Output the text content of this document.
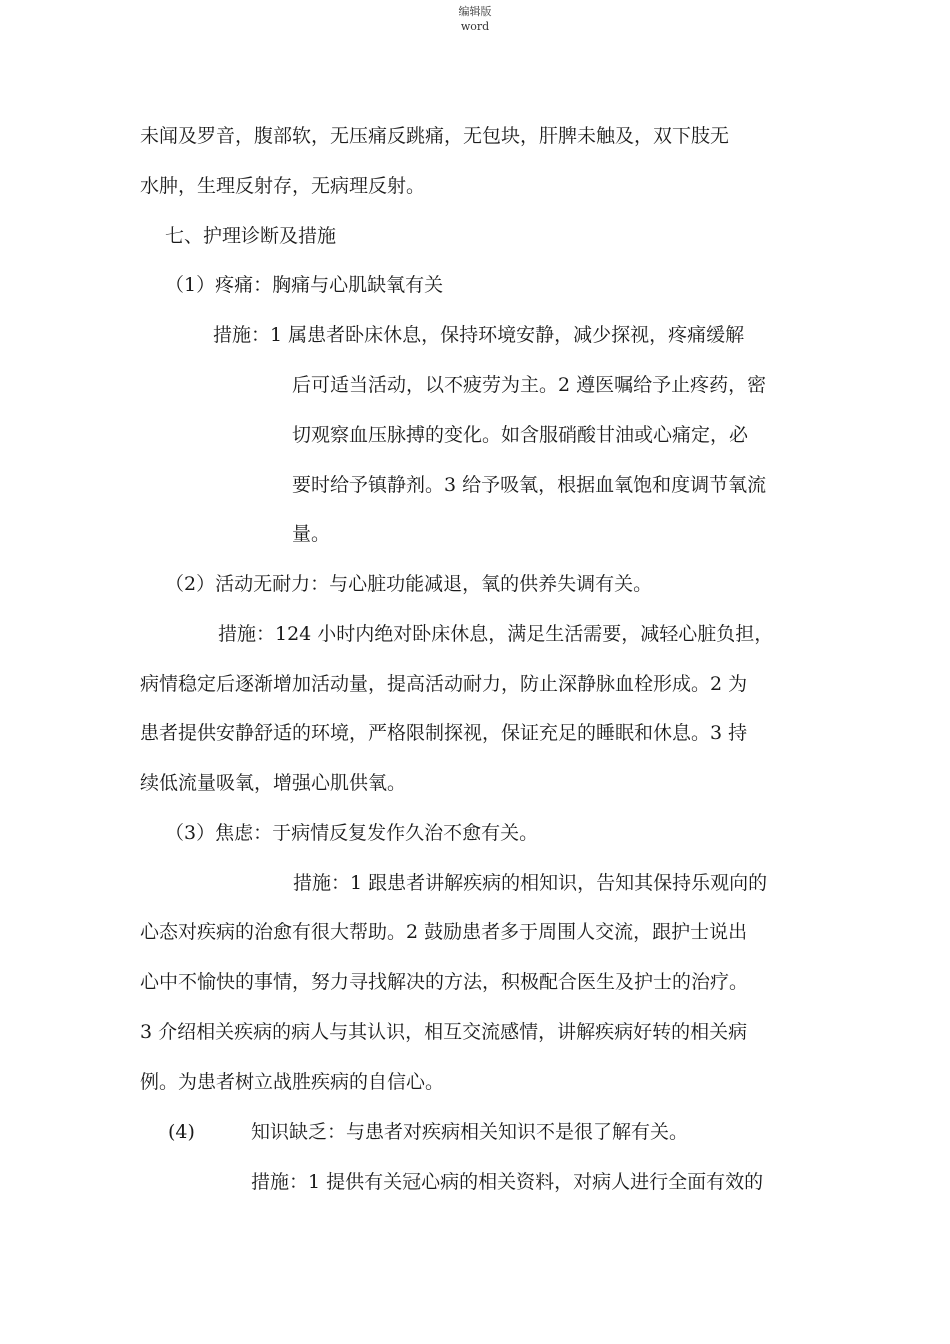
编辑版
word

未闻及罗音，腹部软，无压痛反跳痛，无包块，肝脾未触及，双下肢无

水肿，生理反射存，无病理反射。

七、护理诊断及措施

（1）疼痛：胸痛与心肌缺氧有关

措施：1 属患者卧床休息，保持环境安静，减少探视，疼痛缓解

后可适当活动，以不疲劳为主。2 遵医嘱给予止疼药，密

切观察血压脉搏的变化。如含服硝酸甘油或心痛定，必

要时给予镇静剂。3 给予吸氧，根据血氧饱和度调节氧流

量。

（2）活动无耐力：与心脏功能减退，氧的供养失调有关。

措施：124 小时内绝对卧床休息，满足生活需要，减轻心脏负担，

病情稳定后逐渐增加活动量，提高活动耐力，防止深静脉血栓形成。2 为

患者提供安静舒适的环境，严格限制探视，保证充足的睡眠和休息。3 持

续低流量吸氧，增强心肌供氧。

（3）焦虑：于病情反复发作久治不愈有关。

措施：1 跟患者讲解疾病的相知识，告知其保持乐观向的

心态对疾病的治愈有很大帮助。2 鼓励患者多于周围人交流，跟护士说出

心中不愉快的事情，努力寻找解决的方法，积极配合医生及护士的治疗。

3 介绍相关疾病的病人与其认识，相互交流感情，讲解疾病好转的相关病

例。为患者树立战胜疾病的自信心。

(4)	知识缺乏：与患者对疾病相关知识不是很了解有关。

措施：1 提供有关冠心病的相关资料，对病人进行全面有效的
